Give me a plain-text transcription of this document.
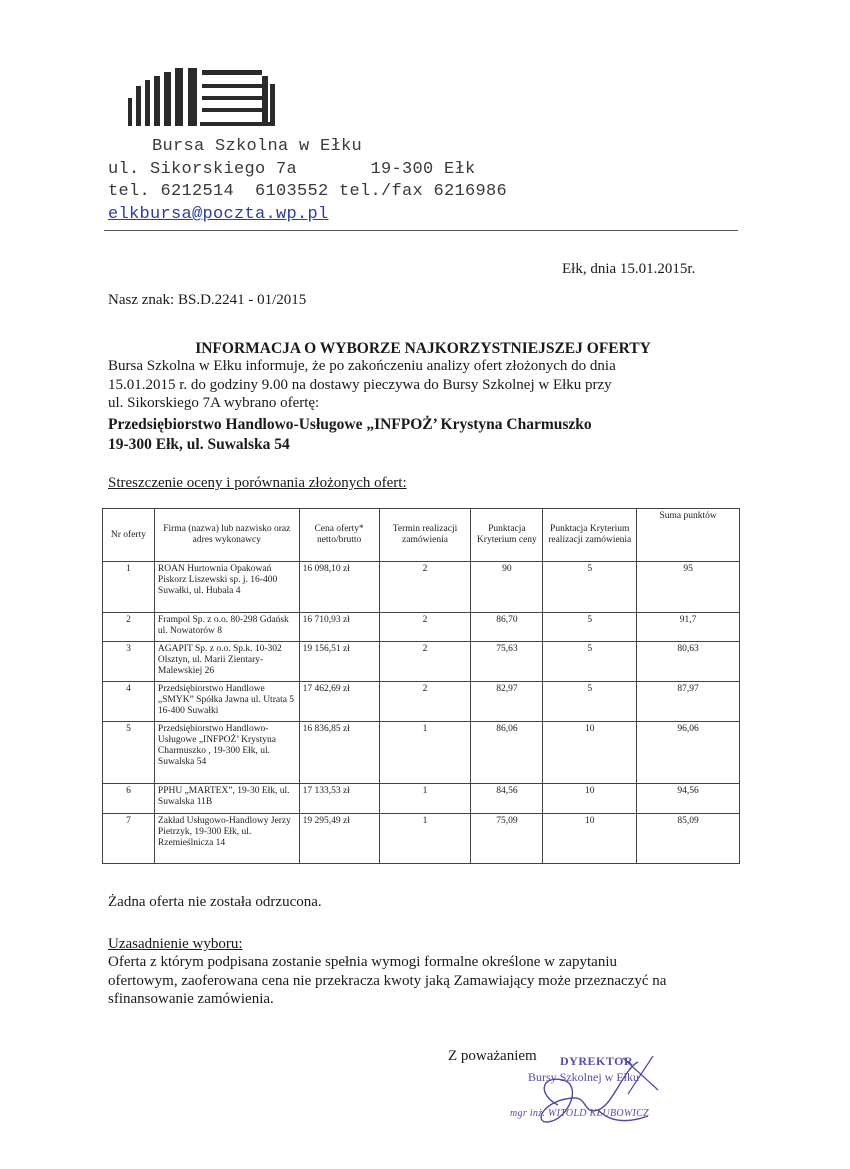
Bursa Szkolna w Ełku
ul. Sikorskiego 7a       19-300 Ełk
tel. 6212514  6103552 tel./fax 6216986
elkbursa@poczta.wp.pl
Ełk, dnia 15.01.2015r.
Nasz znak: BS.D.2241 - 01/2015
INFORMACJA O WYBORZE NAJKORZYSTNIEJSZEJ OFERTY
Bursa Szkolna w Ełku informuje, że po zakończeniu analizy ofert złożonych do dnia
15.01.2015 r. do godziny 9.00 na dostawy pieczywa do Bursy Szkolnej w Ełku przy
ul. Sikorskiego 7A wybrano ofertę:
Przedsiębiorstwo Handlowo-Usługowe „INFPOŻ’ Krystyna Charmuszko
19-300 Ełk, ul. Suwalska 54
Streszczenie oceny i porównania złożonych ofert:
Nr oferty	Firma (nazwa) lub nazwisko oraz adres wykonawcy	Cena oferty* netto/brutto	Termin realizacji zamówienia	Punktacja Kryterium ceny	Punktacja Kryterium realizacji zamówienia	Suma punktów
1	ROAN Hurtownia Opakowań Piskorz Liszewski sp. j. 16-400 Suwałki, ul. Hubala 4	16 098,10 zł	2	90	5	95
2	Frampol Sp. z o.o. 80-298 Gdańsk ul. Nowatorów 8	16 710,93 zł	2	86,70	5	91,7
3	AGAPIT Sp. z o.o. Sp.k. 10-302 Olsztyn, ul. Marii Zientary-Malewskiej 26	19 156,51 zł	2	75,63	5	80,63
4	Przedsiębiorstwo Handlowe „SMYK” Spółka Jawna ul. Utrata 5 16-400 Suwałki	17 462,69 zł	2	82,97	5	87,97
5	Przedsiębiorstwo Handlowo-Usługowe „INFPOŻ’ Krystyna Charmuszko , 19-300 Ełk, ul. Suwalska 54	16 836,85 zł	1	86,06	10	96,06
6	PPHU „MARTEX”, 19-30 Ełk, ul. Suwalska 11B	17 133,53 zł	1	84,56	10	94,56
7	Zakład Usługowo-Handlowy Jerzy Pietrzyk, 19-300 Ełk, ul. Rzemieślnicza 14	19 295,49 zł	1	75,09	10	85,09
Żadna oferta nie została odrzucona.
Uzasadnienie wyboru:
Oferta z którym podpisana zostanie spełnia wymogi formalne określone w zapytaniu
ofertowym, zaoferowana cena nie przekracza kwoty jaką Zamawiający może przeznaczyć na
sfinansowanie zamówienia.
Z poważaniem DYREKTOR
Bursy Szkolnej w Ełku
mgr inż. WITOLD KŁUBOWICZ
